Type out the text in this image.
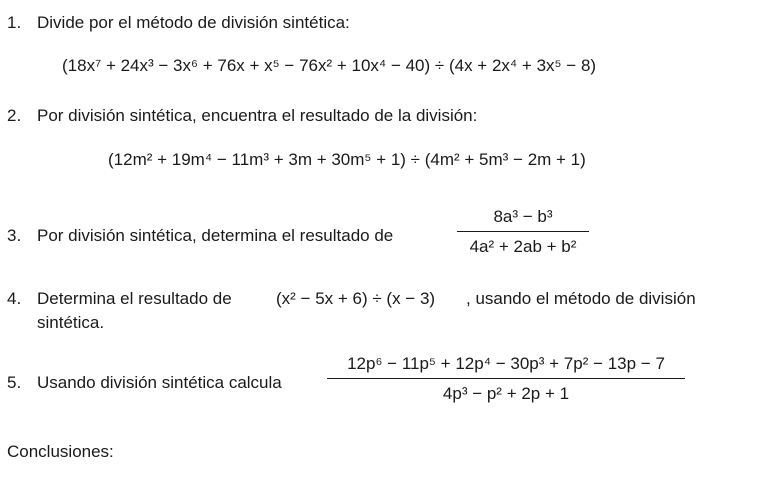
1. Divide por el método de división sintética:
(18x⁷ + 24x³ − 3x⁶ + 76x + x⁵ − 76x² + 10x⁴ − 40) ÷ (4x + 2x⁴ + 3x⁵ − 8)
2. Por división sintética, encuentra el resultado de la división:
(12m² + 19m⁴ − 11m³ + 3m + 30m⁵ + 1) ÷ (4m² + 5m³ − 2m + 1)
3. Por división sintética, determina el resultado de
8a³ − b³
4a² + 2ab + b²
4. Determina el resultado de	(x² − 5x + 6) ÷ (x − 3) , usando el método de división
sintética.
5. Usando división sintética calcula
12p⁶ − 11p⁵ + 12p⁴ − 30p³ + 7p² − 13p − 7
4p³ − p² + 2p + 1
Conclusiones:
